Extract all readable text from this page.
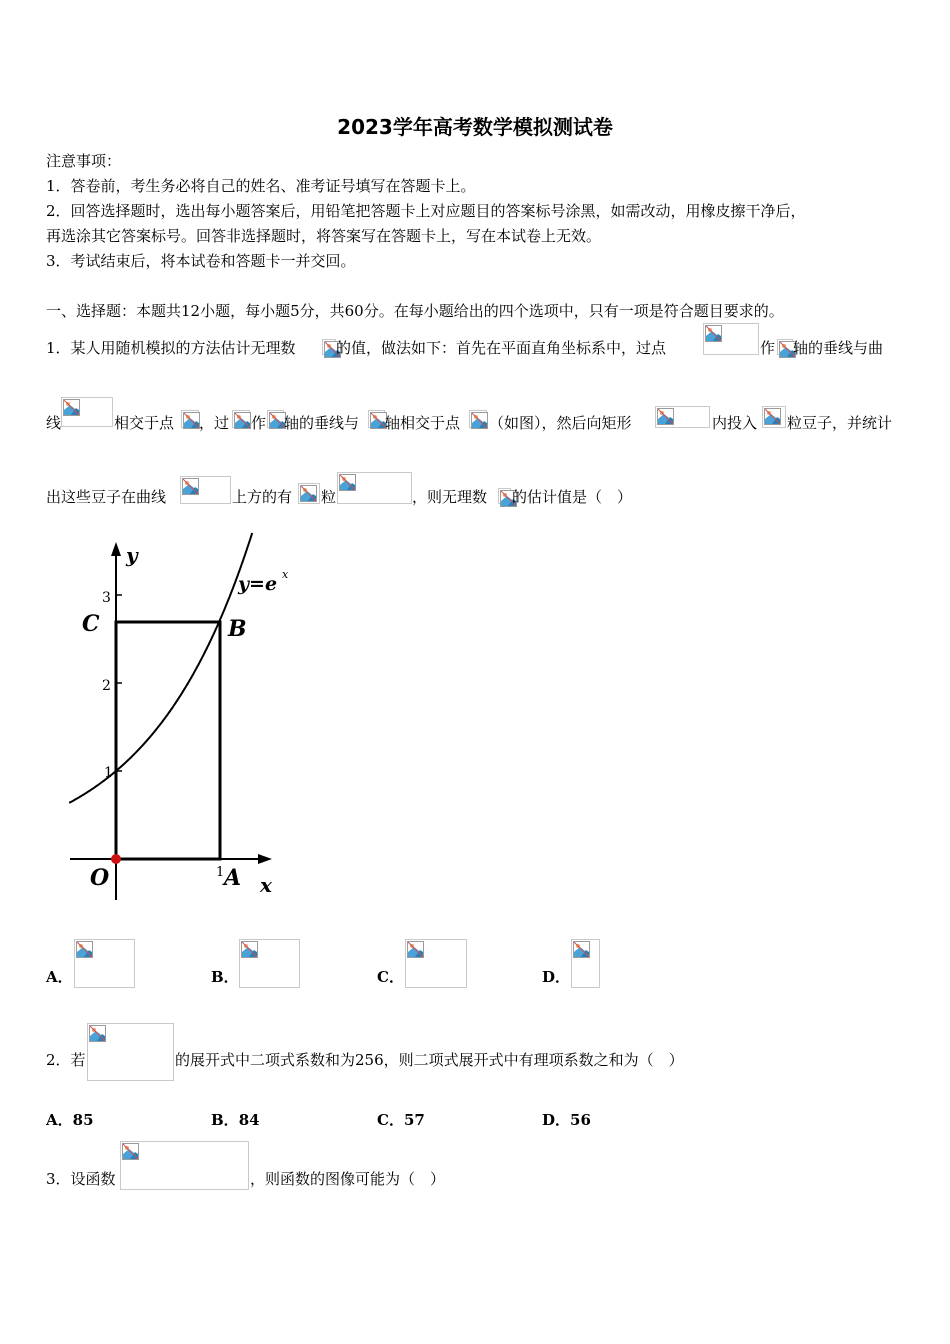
2023学年高考数学模拟测试卷
注意事项：
1．答卷前，考生务必将自己的姓名、准考证号填写在答题卡上。
2．回答选择题时，选出每小题答案后，用铅笔把答题卡上对应题目的答案标号涂黑，如需改动，用橡皮擦干净后，
再选涂其它答案标号。回答非选择题时，将答案写在答题卡上，写在本试卷上无效。
3．考试结束后，将本试卷和答题卡一并交回。
一、选择题：本题共12小题，每小题5分，共60分。在每小题给出的四个选项中，只有一项是符合题目要求的。
1．某人用随机模拟的方法估计无理数	的值，做法如下：首先在平面直角坐标系中，过点	作 轴的垂线与曲
线	相交于点 ，过 作 轴的垂线与 轴相交于点 （如图），然后向矩形	内投入 粒豆子，并统计
出这些豆子在曲线	上方的有 粒	，则无理数 的估计值是（　）
y
x
y=e x
C	B
O	A
3
2
1
1
A．	B．	C．	D．
2．若	的展开式中二项式系数和为256，则二项式展开式中有理项系数之和为（　）
A．85	B．84	C．57	D．56
3．设函数	，则函数的图像可能为（　）
